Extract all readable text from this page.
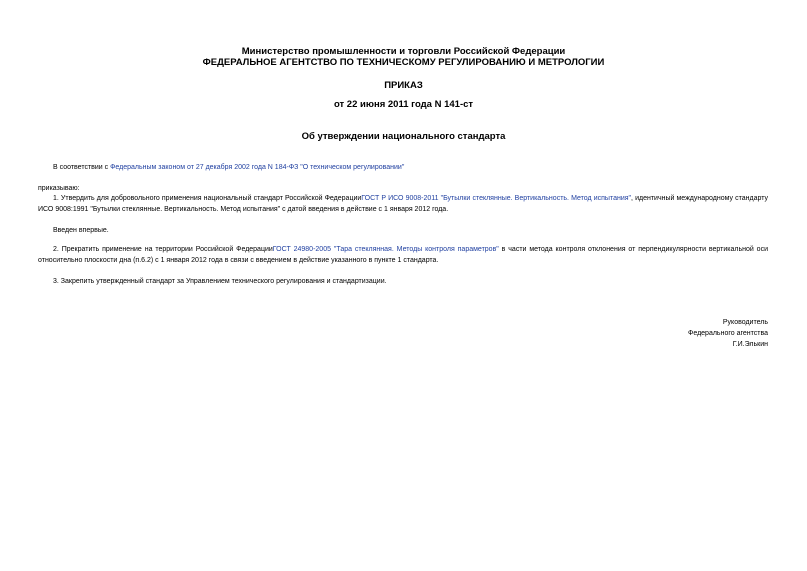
Министерство промышленности и торговли Российской Федерации
ФЕДЕРАЛЬНОЕ АГЕНТСТВО ПО ТЕХНИЧЕСКОМУ РЕГУЛИРОВАНИЮ И МЕТРОЛОГИИ
ПРИКАЗ
от 22 июня 2011 года N 141-ст
Об утверждении национального стандарта
В соответствии с Федеральным законом от 27 декабря 2002 года N 184-ФЗ "О техническом регулировании"
приказываю:
1. Утвердить для добровольного применения национальный стандарт Российской ФедерацииГОСТ Р ИСО 9008-2011 "Бутылки стеклянные. Вертикальность. Метод испытания", идентичный международному стандарту ИСО 9008:1991 "Бутылки стеклянные. Вертикальность. Метод испытания" с датой введения в действие с 1 января 2012 года.
Введен впервые.
2. Прекратить применение на территории Российской ФедерацииГОСТ 24980-2005 "Тара стеклянная. Методы контроля параметров" в части метода контроля отклонения от перпендикулярности вертикальной оси относительно плоскости дна (п.6.2) с 1 января 2012 года в связи с введением в действие указанного в пункте 1 стандарта.
3. Закрепить утвержденный стандарт за Управлением технического регулирования и стандартизации.
Руководитель
Федерального агентства
Г.И.Элькин
